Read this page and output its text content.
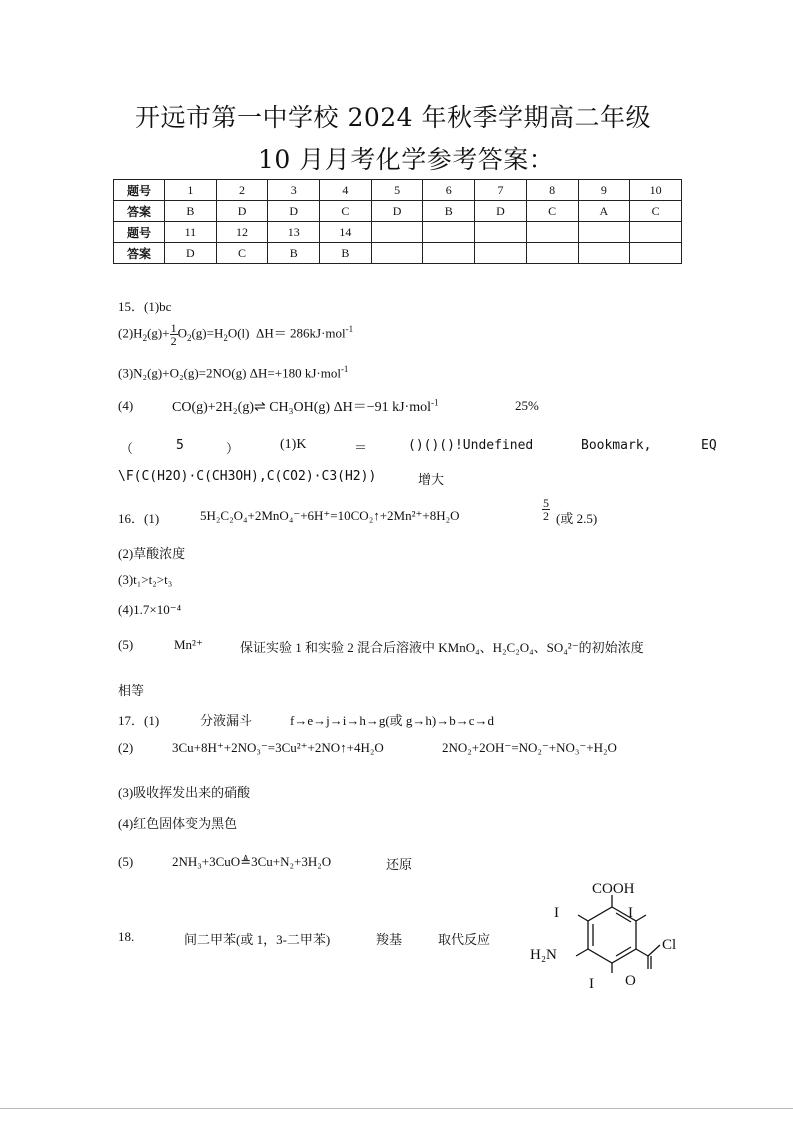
开远市第一中学校 2024 年秋季学期高二年级
10 月月考化学参考答案：
题号	1	2	3	4	5	6	7	8	9	10
答案	B	D	D	C	D	B	D	C	A	C
题号	11	12	13	14						
答案	D	C	B	B						
15．(1)bc
$(2)H_2(g)+ \frac{1}{2} O_2(g)=H_2O(l)$  ΔH＝ 286kJ·mol$^{-1}$
(3)N₂(g)+O₂(g)=2NO(g) ΔH=+180 kJ·mol$^{-1}$
(4)	CO(g)+2H₂(g)⇌ CH₃OH(g) ΔH＝−91 kJ·mol$^{-1}$	25%
（	5	）	(1)K	＝	()()()!Undefined	Bookmark,	EQ
\F(C(H2O)·C(CH3OH),C(CO2)·C3(H2))	增大
16．(1)	5H₂C₂O₄+2MnO₄⁻+6H⁺=10CO₂↑+2Mn²⁺+8H₂O	$\frac{5}{2}$ (或 2.5)
(2)草酸浓度
(3)t₁>t₂>t₃
(4)1.7×10⁻⁴
(5)	Mn²⁺	保证实验 1 和实验 2 混合后溶液中 KMnO₄、H₂C₂O₄、SO₄²⁻的初始浓度
相等
17．(1)	分液漏斗	f→e→j→i→h→g(或 g→h)→b→c→d
(2)	3Cu+8H⁺+2NO₃⁻=3Cu²⁺+2NO↑+4H₂O	2NO₂+2OH⁻=NO₂⁻+NO₃⁻+H₂O
(3)吸收挥发出来的硝酸
(4)红色固体变为黑色
(5)	2NH₃+3CuO≜3Cu+N₂+3H₂O	还原
18.	间二甲苯(或 1，3-二甲苯)	羧基	取代反应
COOH
I	I
I
H₂N
Cl
O
